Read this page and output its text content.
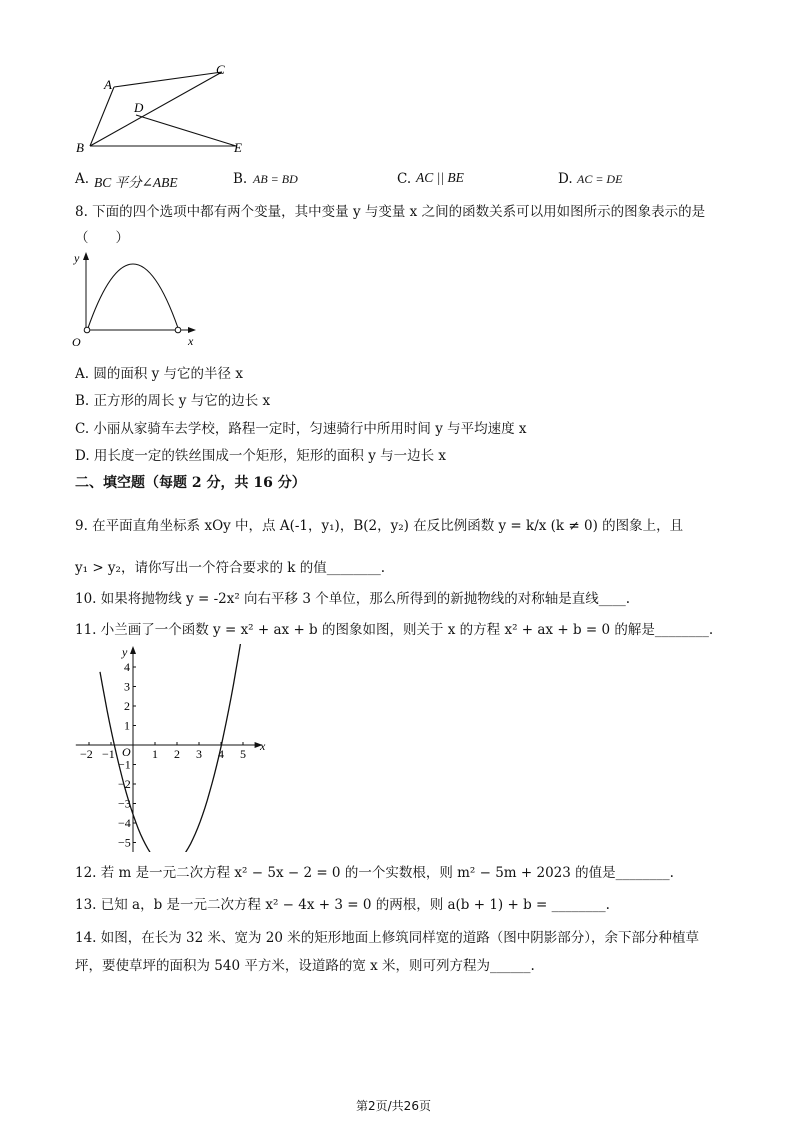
A
C
D
B	E
A. BC 平分∠ABE	B. AB = BD	C. AC || BE	D. AC = DE
8. 下面的四个选项中都有两个变量，其中变量 y 与变量 x 之间的函数关系可以用如图所示的图象表示的是
（　　）
y
x
O
A. 圆的面积 y 与它的半径 x
B. 正方形的周长 y 与它的边长 x
C. 小丽从家骑车去学校，路程一定时，匀速骑行中所用时间 y 与平均速度 x
D. 用长度一定的铁丝围成一个矩形，矩形的面积 y 与一边长 x
二、填空题（每题 2 分，共 16 分）
9. 在平面直角坐标系 xOy 中，点 A(-1，y₁)，B(2，y₂) 在反比例函数 y = k/x (k ≠ 0) 的图象上，且
y₁ > y₂，请你写出一个符合要求的 k 的值________.
10. 如果将抛物线 y = -2x² 向右平移 3 个单位，那么所得到的新抛物线的对称轴是直线____.
11. 小兰画了一个函数 y = x² + ax + b 的图象如图，则关于 x 的方程 x² + ax + b = 0 的解是________.
−2 −1	1 2 3 4 5
4
3
2
1
−1
−2
−3
−4
−5
y
x
O
12. 若 m 是一元二次方程 x² − 5x − 2 = 0 的一个实数根，则 m² − 5m + 2023 的值是________.
13. 已知 a，b 是一元二次方程 x² − 4x + 3 = 0 的两根，则 a(b + 1) + b = ________.
14. 如图，在长为 32 米、宽为 20 米的矩形地面上修筑同样宽的道路（图中阴影部分），余下部分种植草
坪，要使草坪的面积为 540 平方米，设道路的宽 x 米，则可列方程为______.
第2页/共26页
